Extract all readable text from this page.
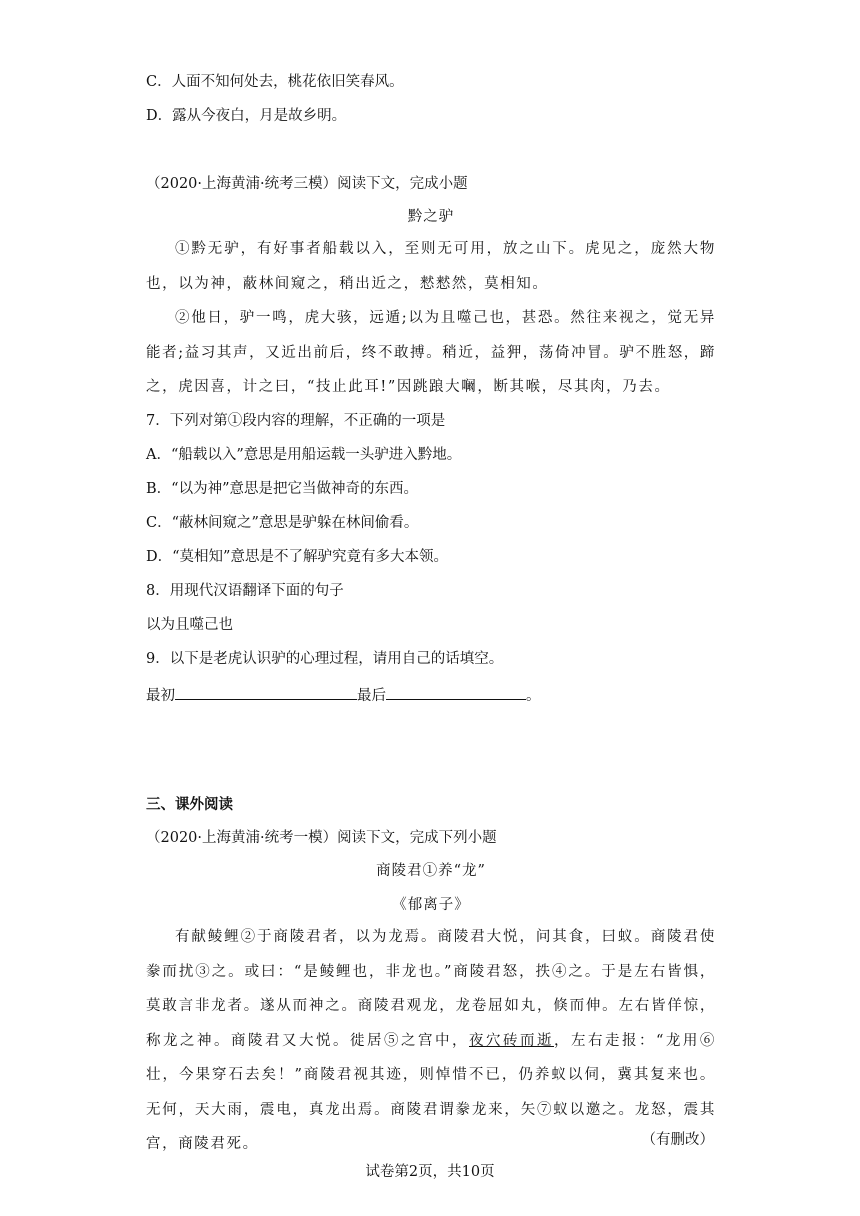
C．人面不知何处去，桃花依旧笑春风。
D．露从今夜白，月是故乡明。
（2020·上海黄浦·统考三模）阅读下文，完成小题
黔之驴

①黔无驴，有好事者船载以入，至则无可用，放之山下。虎见之，庞然大物也，以为神，蔽林间窥之，稍出近之，慭慭然，莫相知。

②他日，驴一鸣，虎大骇，远遁;以为且噬己也，甚恐。然往来视之，觉无异能者;益习其声，又近出前后，终不敢搏。稍近，益狎，荡倚冲冒。驴不胜怒，蹄之，虎因喜，计之曰，“技止此耳!”因跳踉大㘎，断其喉，尽其肉，乃去。

7．下列对第①段内容的理解，不正确的一项是
A．“船载以入”意思是用船运载一头驴进入黔地。
B．“以为神”意思是把它当做神奇的东西。
C．“蔽林间窥之”意思是驴躲在林间偷看。
D．“莫相知”意思是不了解驴究竟有多大本领。
8．用现代汉语翻译下面的句子
以为且噬己也
9．以下是老虎认识驴的心理过程，请用自己的话填空。
最初	最后	。
三、课外阅读
（2020·上海黄浦·统考一模）阅读下文，完成下列小题
商陵君①养“龙”
《郁离子》

有献鲮鲤②于商陵君者，以为龙焉。商陵君大悦，问其食，曰蚁。商陵君使豢而扰③之。或曰：“是鲮鲤也，非龙也。”商陵君怒，抶④之。于是左右皆惧，莫敢言非龙者。遂从而神之。商陵君观龙，龙卷屈如丸，倏而伸。左右皆佯惊，称龙之神。商陵君又大悦。徙居⑤之宫中，夜穴砖而逝，左右走报：“龙用⑥壮，今果穿石去矣！”商陵君视其迹，则悼惜不已，仍养蚁以伺，冀其复来也。无何，天大雨，震电，真龙出焉。商陵君谓豢龙来，矢⑦蚁以邀之。龙怒，震其宫，商陵君死。	（有删改）
试卷第2页，共10页
